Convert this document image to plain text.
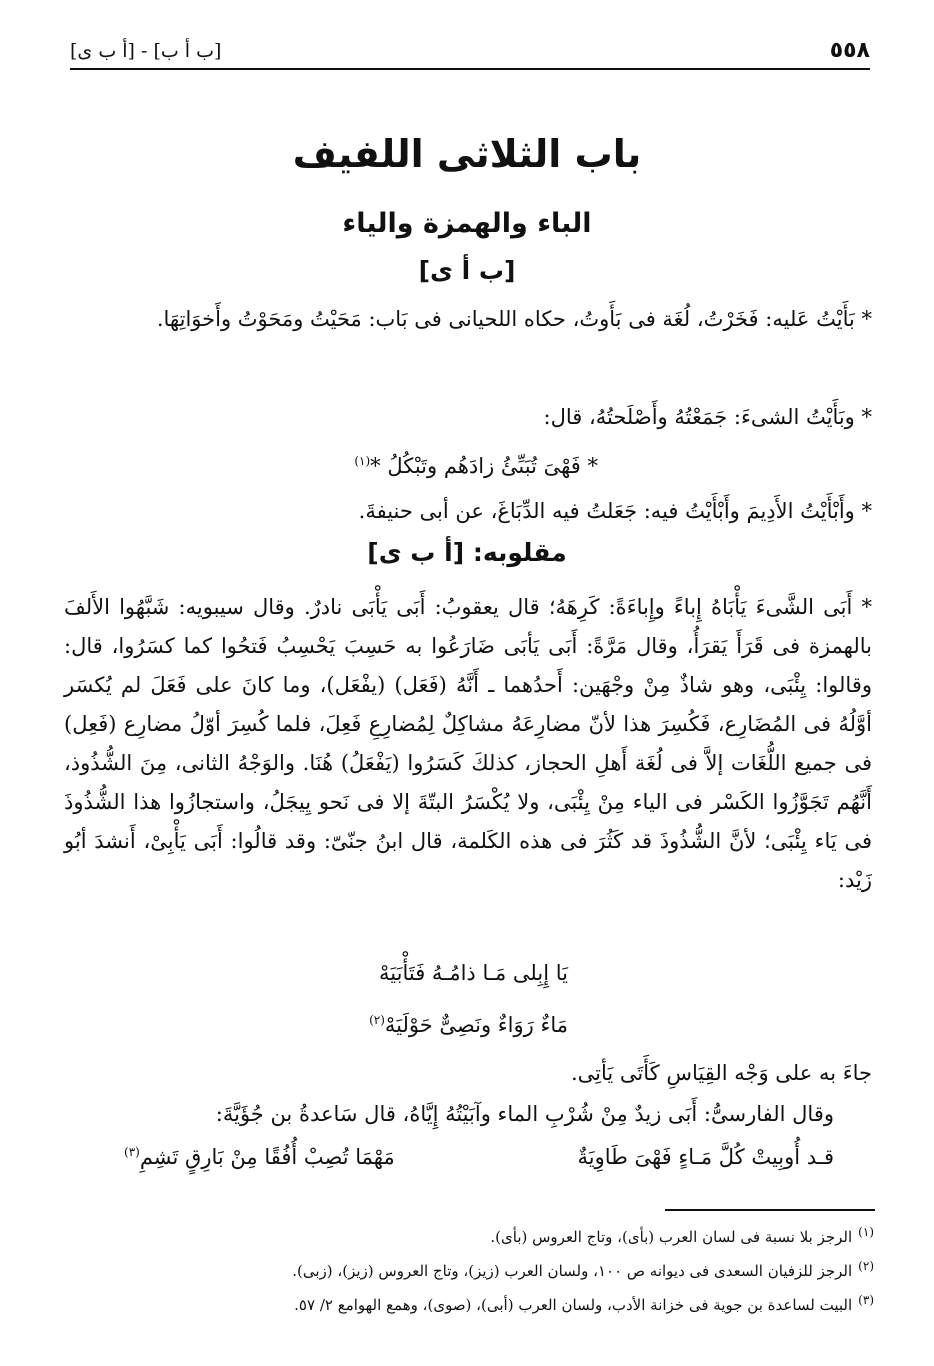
٥٥٨
[ب أ ب] - [أ ب ى]
باب الثلاثى اللفيف
الباء والهمزة والياء
[ب أ ى]

* بَأَيْتُ عَليه: فَخَرْتُ، لُغَة فى بَأَوتُ، حكاه اللحيانى فى بَاب: مَحَيْتُ ومَحَوْتُ وأَخوَاتِهَا.

* وبَأَيْتُ الشىءَ: جَمَعْتُهُ وأَصْلَحتُهُ، قال:

* فَهْىَ تُبَىِّئُ زادَهُم وتَبْكُلُ *$^{(١)}$

* وأَبْأَيْتُ الأَدِيمَ وأَبْأَيْتُ فيه: جَعَلتُ فيه الدِّبَاغَ، عن أبى حنيفةَ.

مقلوبه: [أ ب ى]

* أَبَى الشَّىءَ يَأْبَاهُ إِباءً وإِباءَةً: كَرِهَهُ؛ قال يعقوبُ: أَبَى يَأْبَى نادرٌ. وقال سيبويه: شَبَّهُوا الأَلفَ بالهمزة فى قَرَأَ يَقرَأُ، وقال مَرَّةً: أَبَى يَأبَى ضَارَعُوا به حَسِبَ يَحْسِبُ فَتحُوا كما كسَرُوا، قال: وقالوا: يِئْبَى، وهو شاذٌ مِنْ وجْهَين: أَحدُهما ـ أَنَّهُ (فَعَل) (يفْعَل)، وما كانَ على فَعَلَ لم يُكسَر أوَّلُهُ فى المُضَارِع، فَكُسِرَ هذا لأنّ مضارِعَهُ مشاكِلٌ لِمُضارِعِ فَعِلَ، فلما كُسِرَ أوّلُ مضارِع (فَعِل) فى جميع اللُّغَات إلاَّ فى لُغَة أَهلِ الحجاز، كذلكَ كَسَرُوا (يَفْعَلُ) هُنَا. والوَجْهُ الثانى، مِنَ الشُّذُوذ، أَنَّهُم تَجَوَّزُوا الكَسْر فى الياء مِنْ يِئْبَى، ولا يُكْسَرُ البتّةَ إلا فى نَحو يِيجَلُ، واستجازُوا هذا الشُّذُوذَ فى يَاء يِئْبَى؛ لأنَّ الشُّذُوذَ قد كَثُرَ فى هذه الكَلمة، قال ابنُ جنّىّ: وقد قالُوا: أَبَى يَأْبِىْ، أَنشدَ أبُو زَيْد:

يَا إِبِلى مَـا ذامُـهُ فَتَأْبَيَهْ
مَاءٌ رَوَاءٌ ونَصِىٌّ حَوْلَيَهْ$^{(٢)}$

جاءَ به على وَجْه القِيَاسِ كَأَتَى يَأتِى.

وقال الفارسىُّ: أَبَى زيدٌ مِنْ شُرْبِ الماء وآبَيْتُهُ إِيَّاهُ، قال سَاعدةُ بن جُؤَيَّةَ:

قـد أُوبِيتْ كُلَّ مَـاءٍ فَهْىَ طَاوِيَةٌ
مَهْمَا تُصِبْ أُفُقًا مِنْ بَارِقٍ تَشِمِ$^{(٣)}$
$^{(١)}$الرجز بلا نسبة فى لسان العرب (بأى)، وتاج العروس (بأى).
$^{(٢)}$الرجز للزفيان السعدى فى ديوانه ص ١٠٠، ولسان العرب (زيز)، وتاج العروس (زيز)، (زبى).
$^{(٣)}$البيت لساعدة بن جوية فى خزانة الأدب، ولسان العرب (أبى)، (صوى)، وهمع الهوامع ٢/ ٥٧.
